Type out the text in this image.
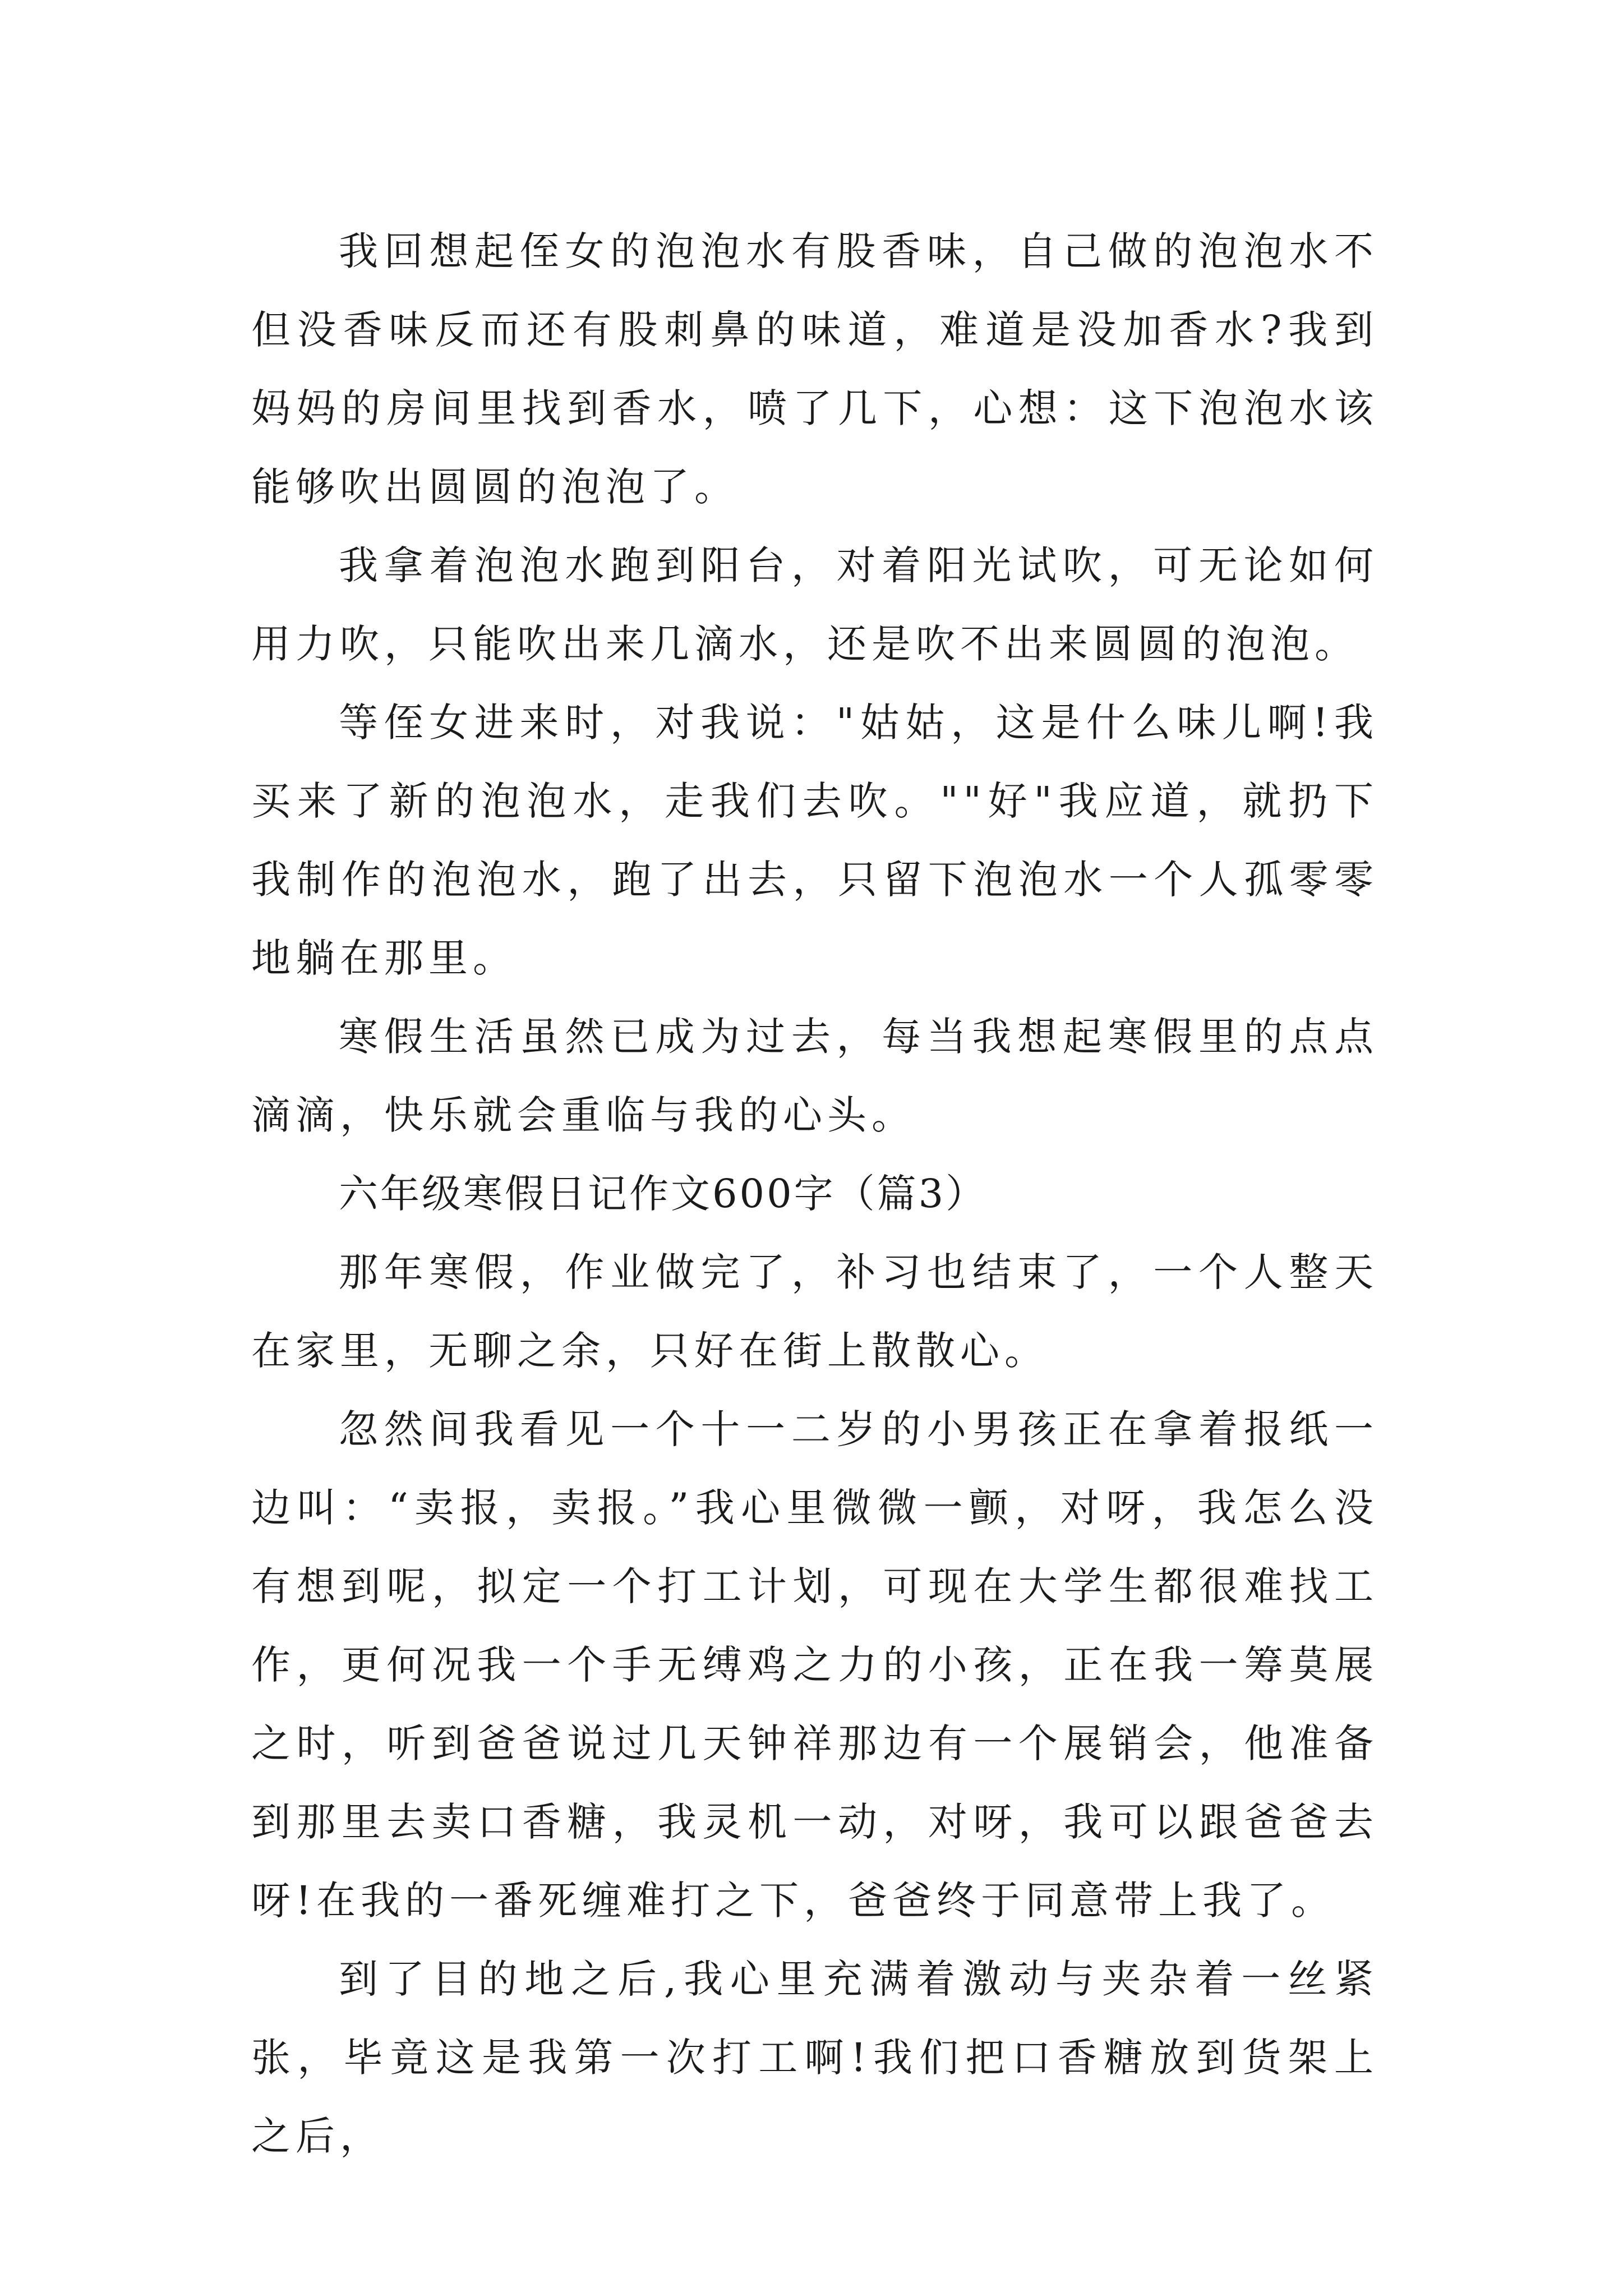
我回想起侄女的泡泡水有股香味，自己做的泡泡水不但没香味反而还有股刺鼻的味道，难道是没加香水?我到妈妈的房间里找到香水，喷了几下，心想：这下泡泡水该能够吹出圆圆的泡泡了。

我拿着泡泡水跑到阳台，对着阳光试吹，可无论如何用力吹，只能吹出来几滴水，还是吹不出来圆圆的泡泡。

等侄女进来时，对我说："姑姑，这是什么味儿啊!我买来了新的泡泡水，走我们去吹。""好"我应道，就扔下我制作的泡泡水，跑了出去，只留下泡泡水一个人孤零零地躺在那里。

寒假生活虽然已成为过去，每当我想起寒假里的点点滴滴，快乐就会重临与我的心头。

六年级寒假日记作文600字（篇3）

那年寒假，作业做完了，补习也结束了，一个人整天在家里，无聊之余，只好在街上散散心。

忽然间我看见一个十一二岁的小男孩正在拿着报纸一边叫：“卖报，卖报。”我心里微微一颤，对呀，我怎么没有想到呢，拟定一个打工计划，可现在大学生都很难找工作，更何况我一个手无缚鸡之力的小孩，正在我一筹莫展之时，听到爸爸说过几天钟祥那边有一个展销会，他准备到那里去卖口香糖，我灵机一动，对呀，我可以跟爸爸去呀!在我的一番死缠难打之下，爸爸终于同意带上我了。

到了目的地之后,我心里充满着激动与夹杂着一丝紧张，毕竟这是我第一次打工啊!我们把口香糖放到货架上之后，
